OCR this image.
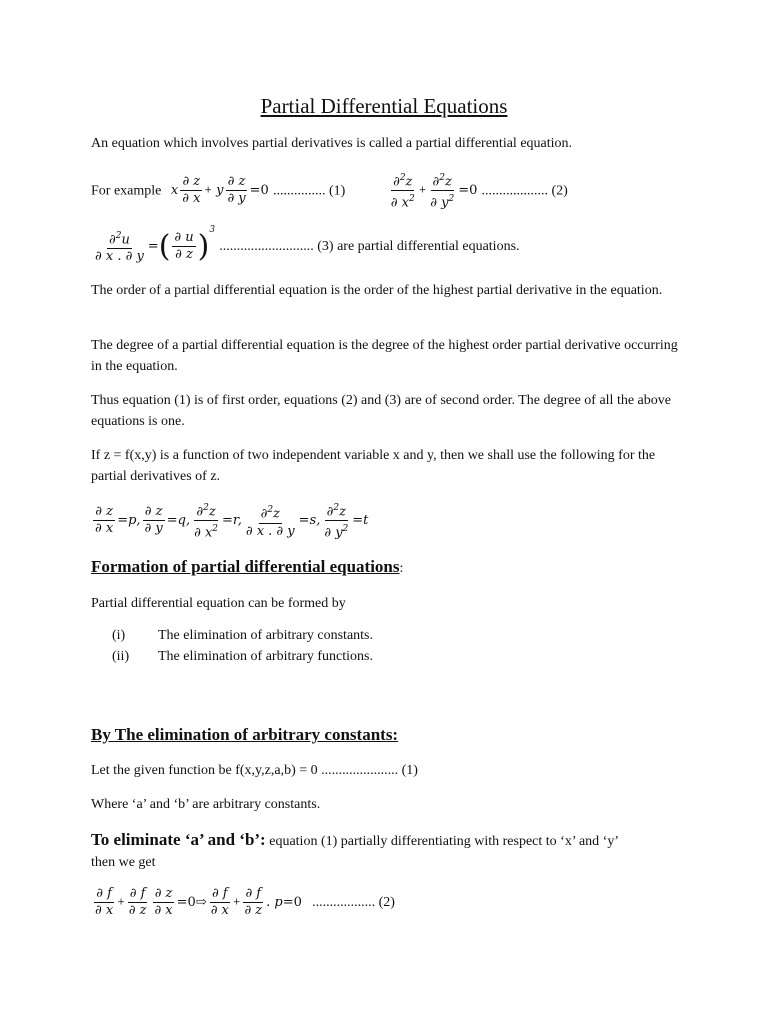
Partial Differential Equations
An equation which involves partial derivatives is called a partial differential equation.
For example x $\frac{\partial z}{\partial x} + y \frac{\partial z}{\partial y} =0$ ............... (1)	$\frac{\partial^2z}{\partial x^2} + \frac{\partial^2z}{\partial y^2} =0$ ................... (2)
$\frac{\partial^2u}{\partial x . \partial y}$ =( $\frac{\partial u}{\partial z} )^3$ ........................... (3) are partial differential equations.
The order of a partial differential equation is the order of the highest partial derivative in the equation.
The degree of a partial differential equation is the degree of the highest order partial derivative occurring in the equation.
Thus equation (1) is of first order, equations (2) and (3) are of second order. The degree of all the above equations is one.
If z = f(x,y) is a function of two independent variable x and y, then we shall use the following for the partial derivatives of z.
$\frac{\partial z}{\partial x} =p$, $\frac{\partial z}{\partial y} =q$, $\frac{\partial^2z}{\partial x^2} =r$, $\frac{\partial^2z}{\partial x . \partial y} =s$, $\frac{\partial^2z}{\partial y^2} =t$
Formation of partial differential equations:
Partial differential equation can be formed by
(i) The elimination of arbitrary constants.
(ii) The elimination of arbitrary functions.
By The elimination of arbitrary constants:
Let the given function be f(x,y,z,a,b) = 0 ...................... (1)
Where ‘a’ and ‘b’ are arbitrary constants.
To eliminate ‘a’ and ‘b’: equation (1) partially differentiating with respect to ‘x’ and ‘y’
then we get
$\frac{\partial f}{\partial x} + \frac{\partial f}{\partial z} \frac{\partial z}{\partial x}$ =0⇨ $\frac{\partial f}{\partial x} + \frac{\partial f}{\partial z}$ . p=0 .................. (2)
